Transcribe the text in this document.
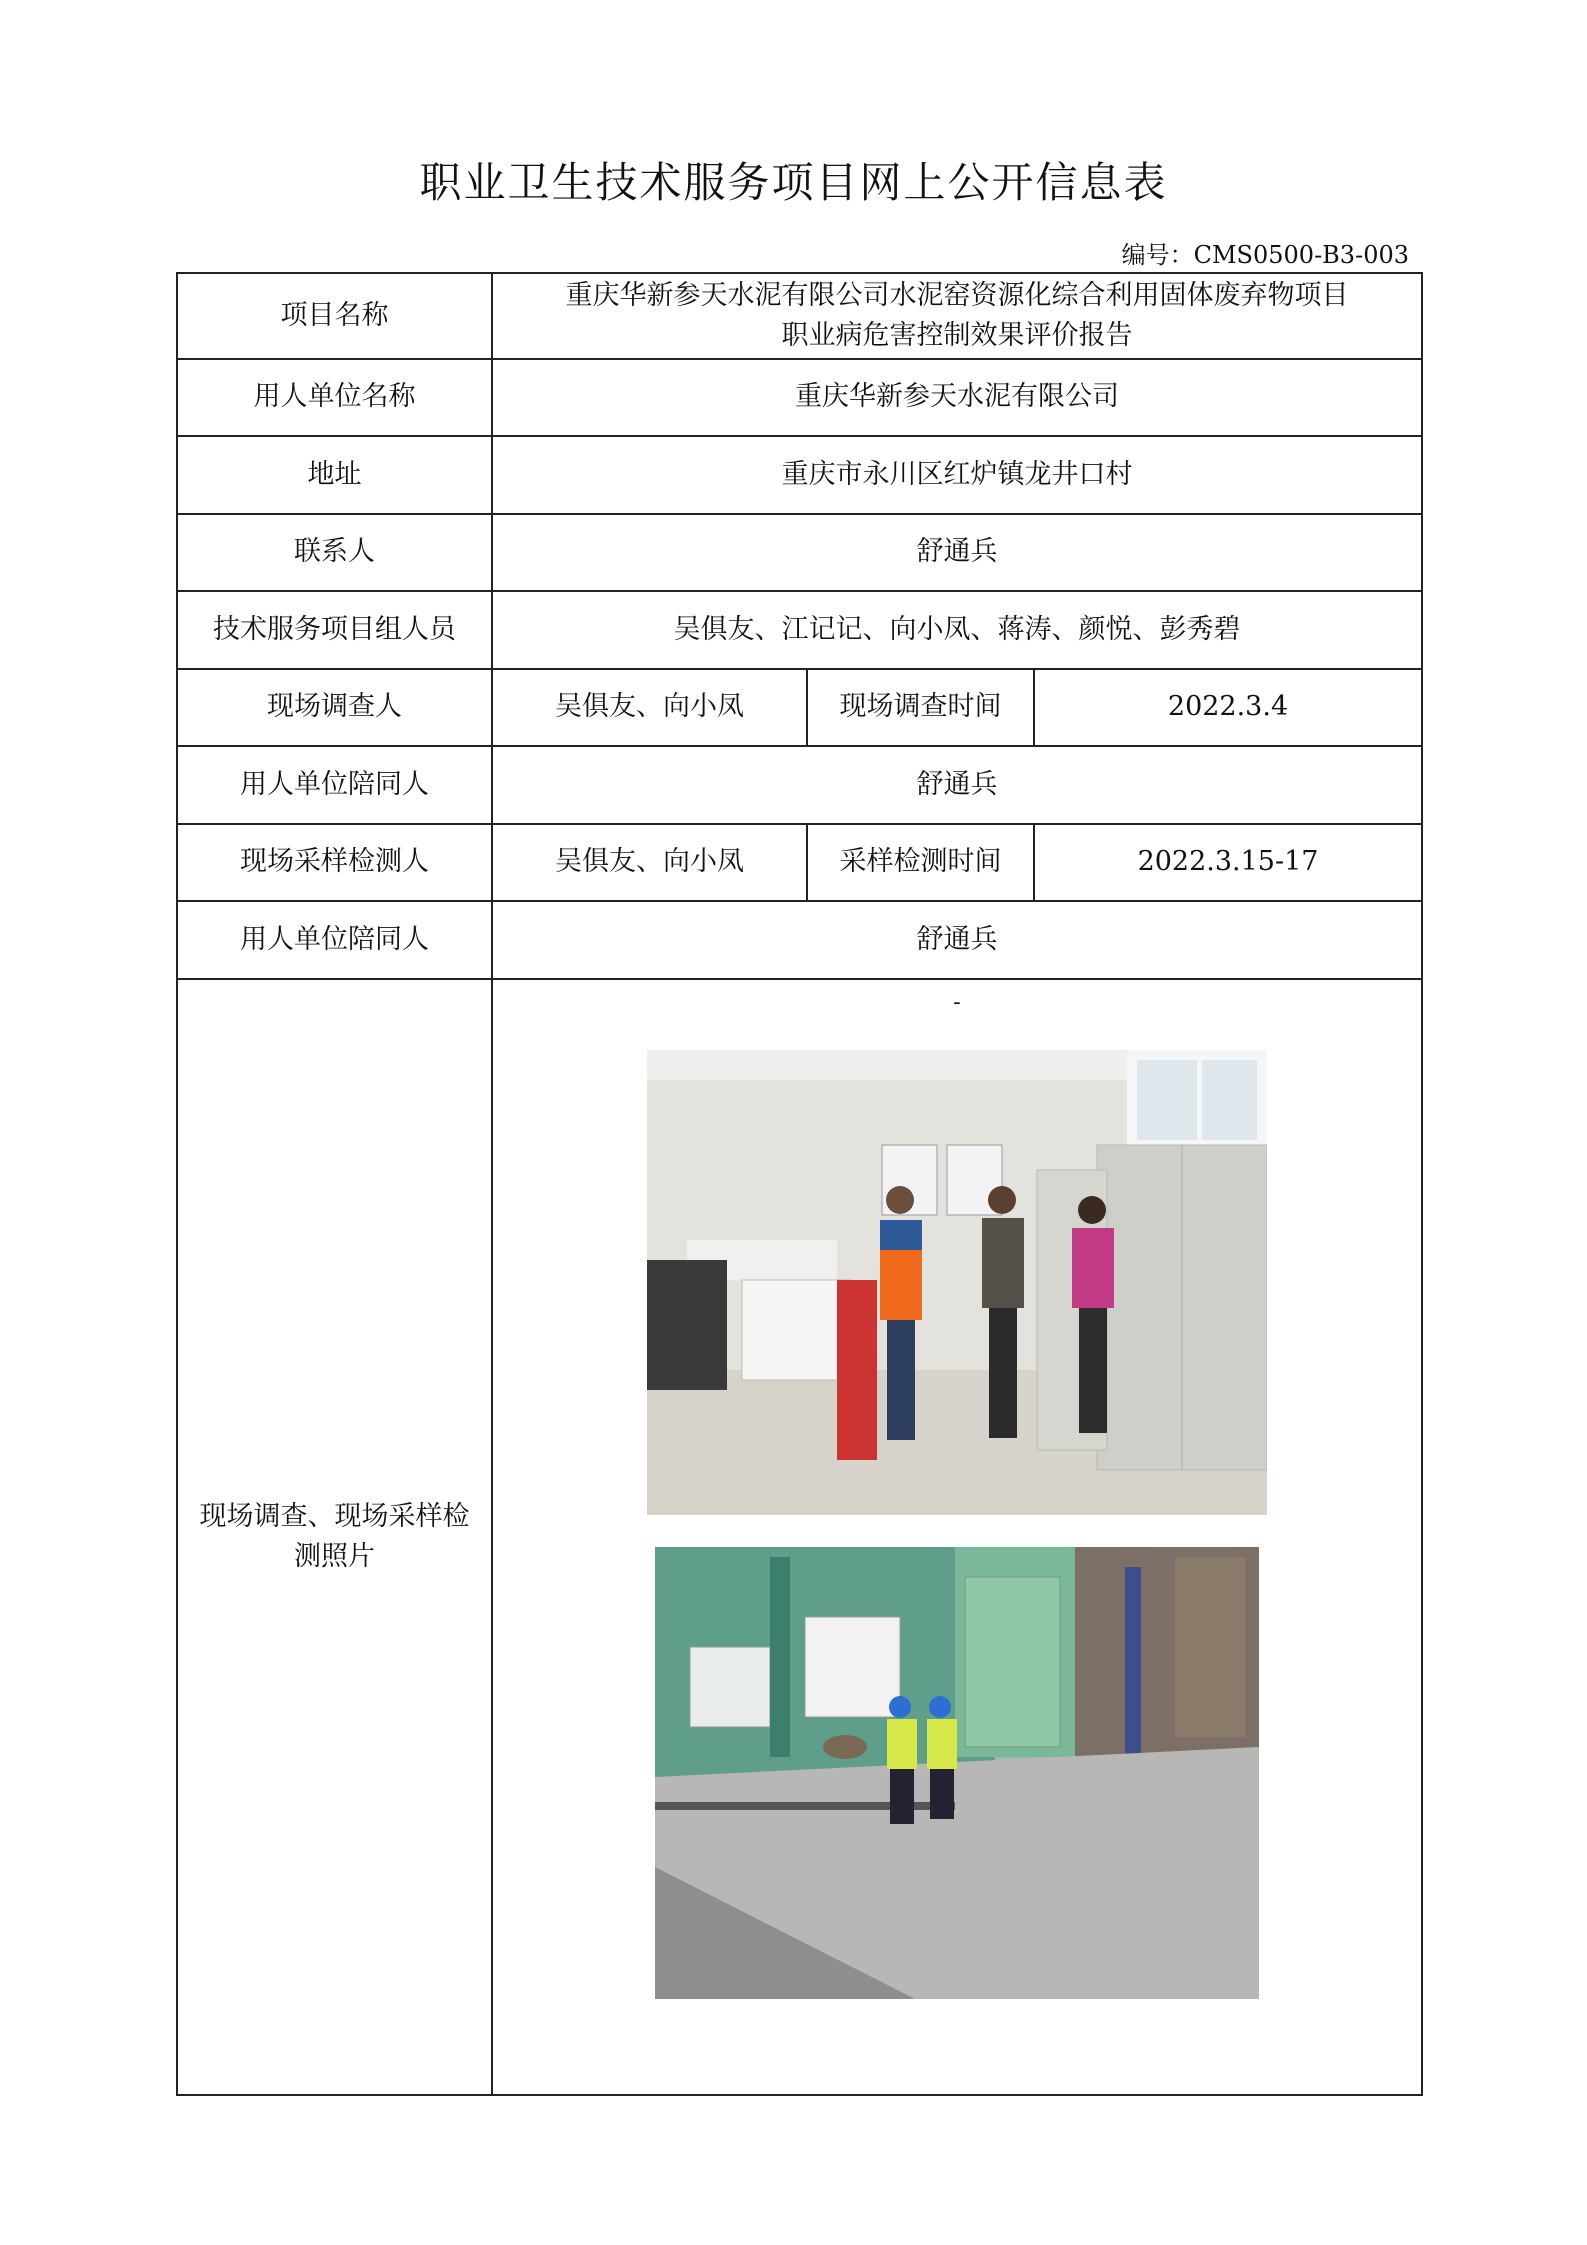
职业卫生技术服务项目网上公开信息表
编号：CMS0500-B3-003
项目名称	重庆华新参天水泥有限公司水泥窑资源化综合利用固体废弃物项目
职业病危害控制效果评价报告		

用人单位名称	重庆华新参天水泥有限公司		
地址	重庆市永川区红炉镇龙井口村		
联系人	舒通兵		
技术服务项目组人员	吴俱友、江记记、向小凤、蒋涛、颜悦、彭秀碧		
现场调查人	吴俱友、向小凤	现场调查时间	2022.3.4
用人单位陪同人	舒通兵		
现场采样检测人	吴俱友、向小凤	采样检测时间	2022.3.15-17
用人单位陪同人	舒通兵		
现场调查、现场采样检测照片	-		
